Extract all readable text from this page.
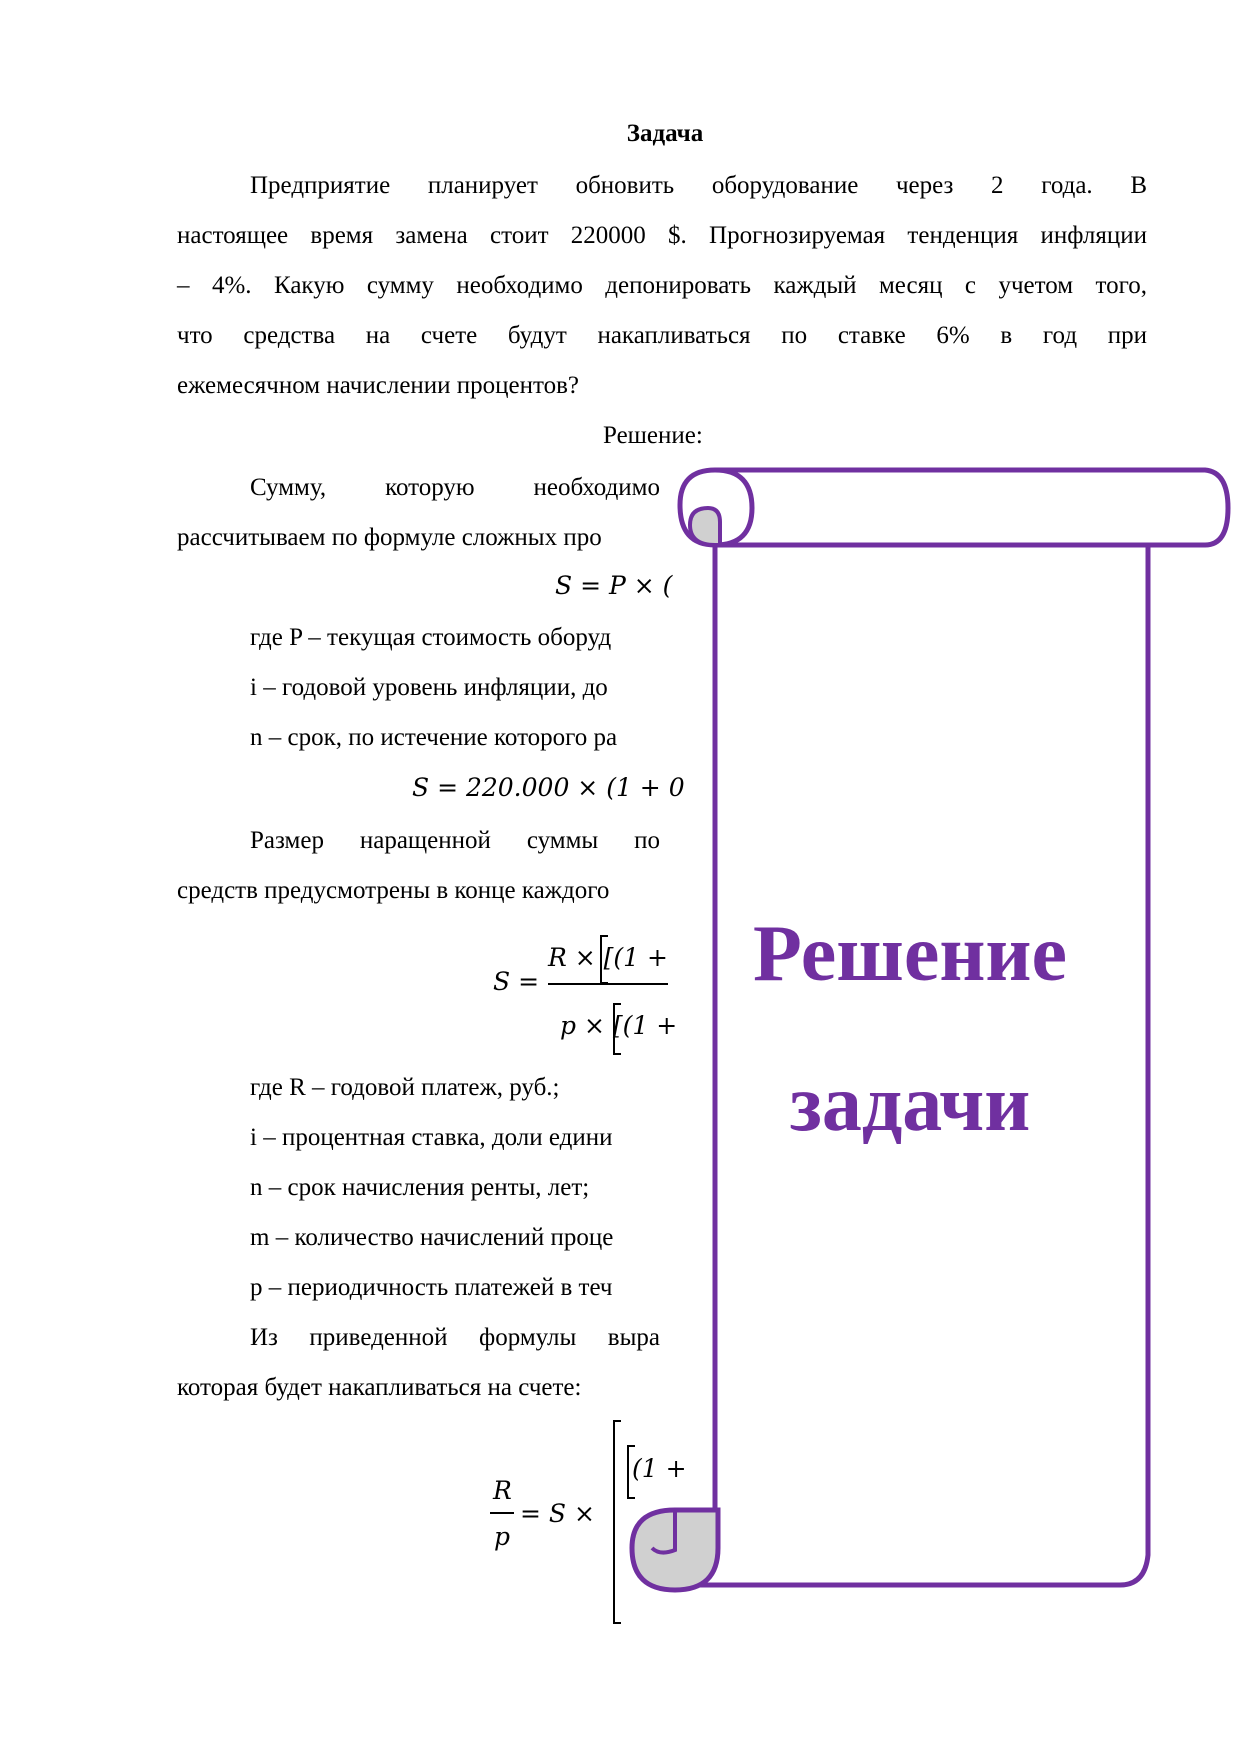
Задача
Предприятие планирует обновить оборудование через 2 года. В
настоящее время замена стоит 220000 $. Прогнозируемая тенденция инфляции
– 4%. Какую сумму необходимо депонировать каждый месяц с учетом того,
что средства на счете будут накапливаться по ставке 6% в год при
ежемесячном начислении процентов?
Решение:
Сумму, которую необходимо
рассчитываем по формуле сложных про
S = P × (
где P – текущая стоимость оборуд
i – годовой уровень инфляции, до
n – срок, по истечение которого ра
S = 220.000 × (1 + 0
Размер наращенной суммы по
средств предусмотрены в конце каждого
S =
R × [(1 +
p × [(1 +
где R – годовой платеж, руб.;
i – процентная ставка, доли едини
n – срок начисления ренты, лет;
m – количество начислений проце
p – периодичность платежей в теч
Из приведенной формулы выра
которая будет накапливаться на счете:
R
p
= S ×
(1 +
Решение
задачи
